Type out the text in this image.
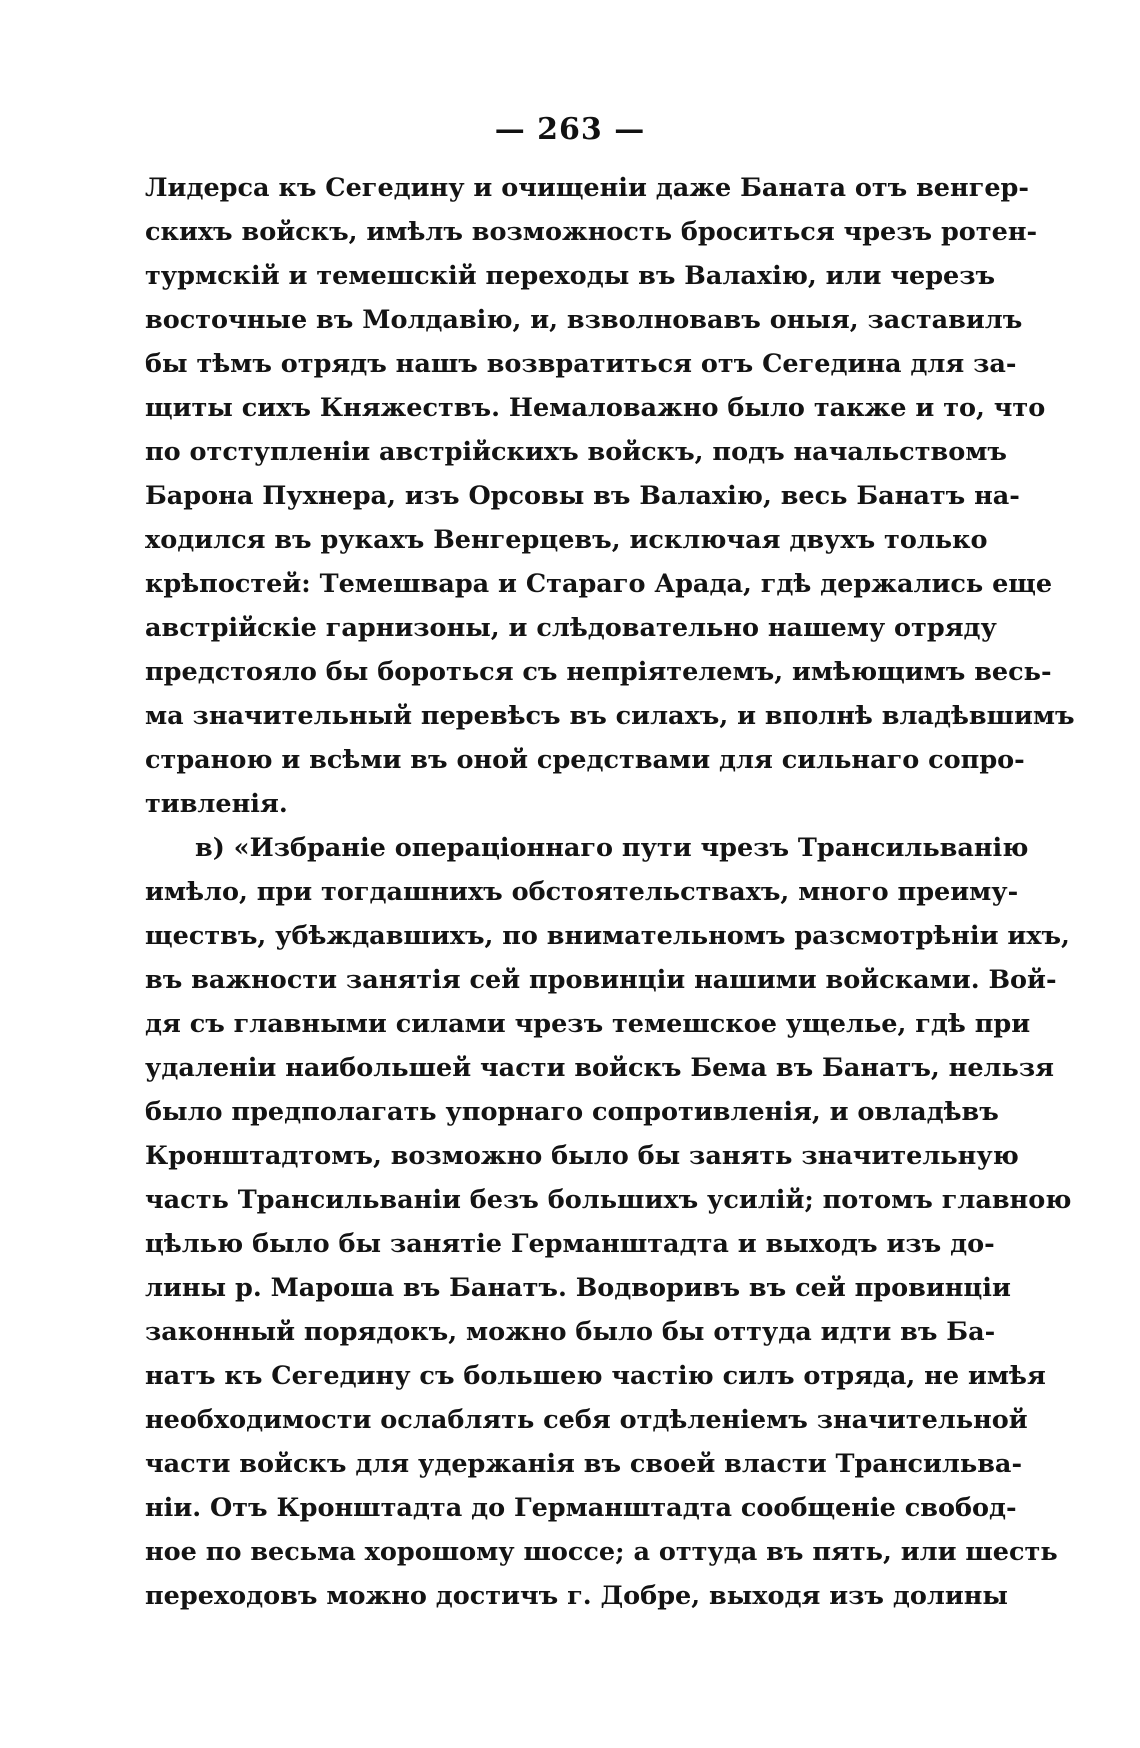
— 263 —
Лидерса къ Сегедину и очищеніи даже Баната отъ венгер-
скихъ войскъ, имѣлъ возможность броситься чрезъ ротен-
турмскій и темешскій переходы въ Валахію, или черезъ
восточные въ Молдавію, и, взволновавъ оныя, заставилъ
бы тѣмъ отрядъ нашъ возвратиться отъ Сегедина для за-
щиты сихъ Княжествъ. Немаловажно было также и то, что
по отступленіи австрійскихъ войскъ, подъ начальствомъ
Барона Пухнера, изъ Орсовы въ Валахію, весь Банатъ на-
ходился въ рукахъ Венгерцевъ, исключая двухъ только
крѣпостей: Темешвара и Стараго Арада, гдѣ держались еще
австрійскіе гарнизоны, и слѣдовательно нашему отряду
предстояло бы бороться съ непріятелемъ, имѣющимъ весь-
ма значительный перевѣсъ въ силахъ, и вполнѣ владѣвшимъ
страною и всѣми въ оной средствами для сильнаго сопро-
тивленія.
в) «Избраніе операціоннаго пути чрезъ Трансильванію
имѣло, при тогдашнихъ обстоятельствахъ, много преиму-
ществъ, убѣждавшихъ, по внимательномъ разсмотрѣніи ихъ,
въ важности занятія сей провинціи нашими войсками. Вой-
дя съ главными силами чрезъ темешское ущелье, гдѣ при
удаленіи наибольшей части войскъ Бема въ Банатъ, нельзя
было предполагать упорнаго сопротивленія, и овладѣвъ
Кронштадтомъ, возможно было бы занять значительную
часть Трансильваніи безъ большихъ усилій; потомъ главною
цѣлью было бы занятіе Германштадта и выходъ изъ до-
лины р. Мароша въ Банатъ. Водворивъ въ сей провинціи
законный порядокъ, можно было бы оттуда идти въ Ба-
натъ къ Сегедину съ большею частію силъ отряда, не имѣя
необходимости ослаблять себя отдѣленіемъ значительной
части войскъ для удержанія въ своей власти Трансильва-
ніи. Отъ Кронштадта до Германштадта сообщеніе свобод-
ное по весьма хорошому шоссе; а оттуда въ пять, или шесть
переходовъ можно достичъ г. Добре, выходя изъ долины
